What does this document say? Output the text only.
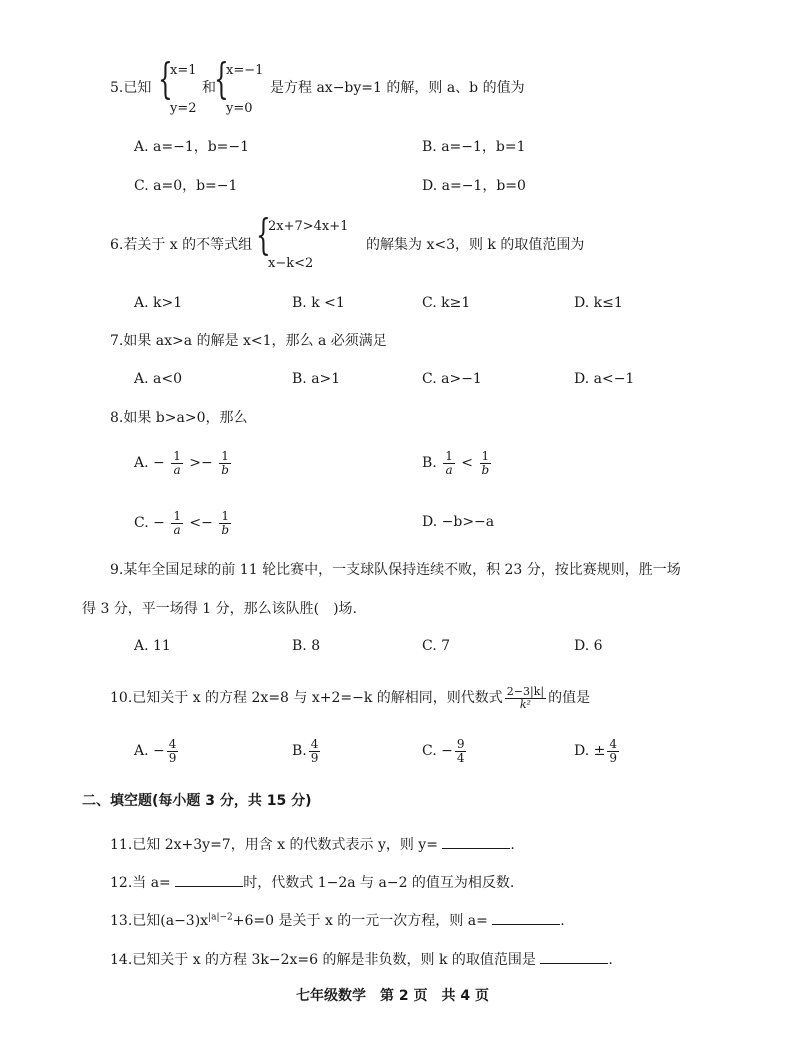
5.已知 {
x=1
y=2
和
{
x=−1
y=0
是方程 ax−by=1 的解，则 a、b 的值为
A. a=−1，b=−1	B. a=−1，b=1
C. a=0，b=−1	D. a=−1，b=0
6.若关于 x 的不等式组 {
2x+7>4x+1
x−k<2
的解集为 x<3，则 k 的取值范围为
A. k>1	B. k <1	C. k≥1	D. k≤1
7.如果 ax>a 的解是 x<1，那么 a 必须满足
A. a<0	B. a>1	C. a>−1	D. a<−1
8.如果 b>a>0，那么
A. − $\frac{1}{a} >- \frac{1}{b}$	B. $\frac{1}{a} < \frac{1}{b}$
C. − $\frac{1}{a} <- \frac{1}{b}$	D. −b>−a
9.某年全国足球的前 11 轮比赛中，一支球队保持连续不败，积 23 分，按比赛规则，胜一场
得 3 分，平一场得 1 分，那么该队胜(　)场.
A. 11	B. 8	C. 7	D. 6
10.已知关于 x 的方程 2x=8 与 x+2=−k 的解相同，则代数式 $\frac{2-3|k|}{\text{k²}}$ 的值是
A. − $\frac{4}{9}$	B. $\frac{4}{9}$	C. − $\frac{9}{4}$	D. ± $\frac{4}{9}$
二、填空题(每小题 3 分，共 15 分)
11.已知 2x+3y=7，用含 x 的代数式表示 y，则 y=	.
12.当 a=	时，代数式 1−2a 与 a−2 的值互为相反数.
13.已知$(a-3)x^{|a|-2}+6=0$ 是关于 x 的一元一次方程，则 a=	.
14.已知关于 x 的方程 3k−2x=6 的解是非负数，则 k 的取值范围是	.
七年级数学　第 2 页　共 4 页
